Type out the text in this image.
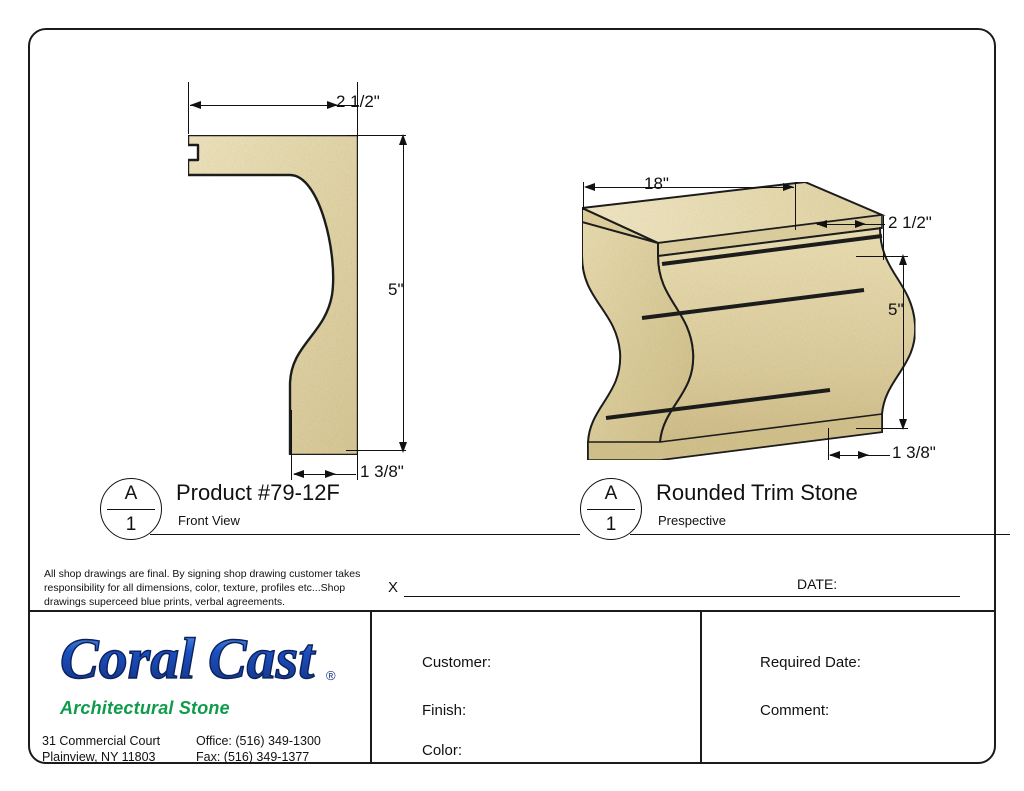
2 1/2"
5"
1 3/8"
18"
2 1/2"
5"
1 3/8"
A
1
Product #79-12F
Front View
A
1
Rounded Trim Stone
Prespective
All shop drawings are final. By signing shop drawing customer takes responsibility for all dimensions, color, texture, profiles etc...Shop drawings superceed blue prints, verbal agreements.
X	DATE:
Coral Cast ®
Architectural Stone
31 Commercial Court
Plainview, NY 11803
Office: (516) 349-1300
Fax: (516) 349-1377
Customer:
Finish:
Color:
Required Date:
Comment:
